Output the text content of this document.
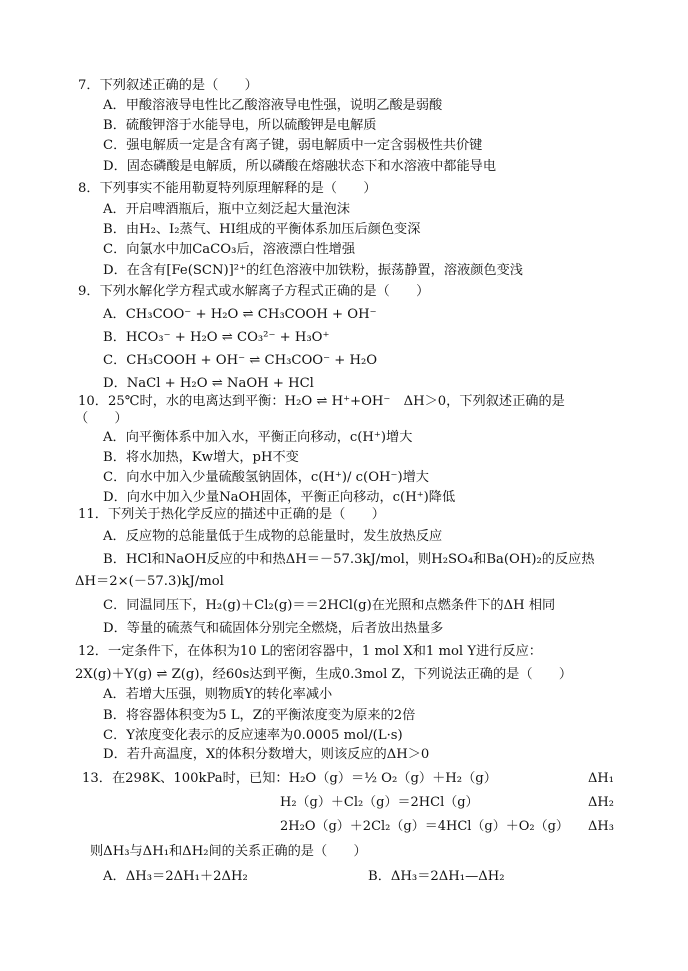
7．下列叙述正确的是（　　）
A．甲酸溶液导电性比乙酸溶液导电性强，说明乙酸是弱酸
B．硫酸钾溶于水能导电，所以硫酸钾是电解质
C．强电解质一定是含有离子键，弱电解质中一定含弱极性共价键
D．固态磷酸是电解质，所以磷酸在熔融状态下和水溶液中都能导电
8．下列事实不能用勒夏特列原理解释的是（　　）
A．开启啤酒瓶后，瓶中立刻泛起大量泡沫
B．由H₂、I₂蒸气、HI组成的平衡体系加压后颜色变深
C．向氯水中加CaCO₃后，溶液漂白性增强
D．在含有[Fe(SCN)]²⁺的红色溶液中加铁粉，振荡静置，溶液颜色变浅
9．下列水解化学方程式或水解离子方程式正确的是（　　）
A．CH₃COO⁻ + H₂O ⇌ CH₃COOH + OH⁻
B．HCO₃⁻ + H₂O ⇌ CO₃²⁻ + H₃O⁺
C．CH₃COOH + OH⁻ ⇌ CH₃COO⁻ + H₂O
D．NaCl + H₂O ⇌ NaOH + HCl
10．25℃时，水的电离达到平衡：H₂O ⇌ H⁺+OH⁻　ΔH＞0，下列叙述正确的是
（　　）
A．向平衡体系中加入水，平衡正向移动，c(H⁺)增大
B．将水加热，Kw增大，pH不变
C．向水中加入少量硫酸氢钠固体，c(H⁺)/ c(OH⁻)增大
D．向水中加入少量NaOH固体，平衡正向移动，c(H⁺)降低
11．下列关于热化学反应的描述中正确的是（　　）
A．反应物的总能量低于生成物的总能量时，发生放热反应
B．HCl和NaOH反应的中和热ΔH＝－57.3kJ/mol，则H₂SO₄和Ba(OH)₂的反应热
ΔH＝2×(－57.3)kJ/mol
C．同温同压下，H₂(g)＋Cl₂(g)＝＝2HCl(g)在光照和点燃条件下的ΔH 相同
D．等量的硫蒸气和硫固体分别完全燃烧，后者放出热量多
12．一定条件下，在体积为10 L的密闭容器中，1 mol X和1 mol Y进行反应：
2X(g)＋Y(g) ⇌ Z(g)，经60s达到平衡，生成0.3mol Z，下列说法正确的是（　　）
A．若增大压强，则物质Y的转化率减小
B．将容器体积变为5 L，Z的平衡浓度变为原来的2倍
C．Y浓度变化表示的反应速率为0.0005 mol/(L·s)
D．若升高温度，X的体积分数增大，则该反应的ΔH＞0
13．在298K、100kPa时，已知：H₂O（g）＝½ O₂（g）＋H₂（g）	ΔH₁
H₂（g）＋Cl₂（g）＝2HCl（g）	ΔH₂
2H₂O（g）＋2Cl₂（g）＝4HCl（g）＋O₂（g） ΔH₃
则ΔH₃与ΔH₁和ΔH₂间的关系正确的是（　　）
A．ΔH₃＝2ΔH₁＋2ΔH₂	B．ΔH₃＝2ΔH₁—ΔH₂
